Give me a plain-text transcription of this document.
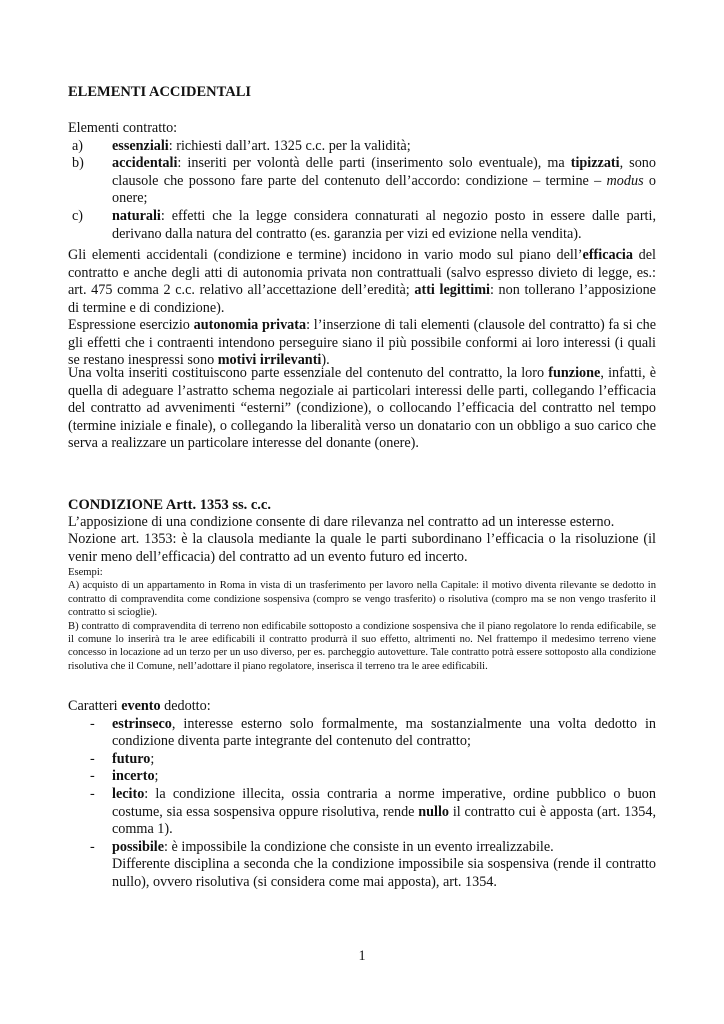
ELEMENTI ACCIDENTALI

Elementi contratto:

a)	essenziali: richiesti dall’art. 1325 c.c. per la validità;
b)	accidentali: inseriti per volontà delle parti (inserimento solo eventuale), ma tipizzati, sono clausole che possono fare parte del contenuto dell’accordo: condizione – termine – modus o onere;
c)	naturali: effetti che la legge considera connaturati al negozio posto in essere dalle parti, derivano dalla natura del contratto (es. garanzia per vizi ed evizione nella vendita).
Gli elementi accidentali (condizione e termine) incidono in vario modo sul piano dell’efficacia del contratto e anche degli atti di autonomia privata non contrattuali (salvo espresso divieto di legge, es.: art. 475 comma 2 c.c. relativo all’accettazione dell’eredità; atti legittimi: non tollerano l’apposizione di termine e di condizione).
Espressione esercizio autonomia privata: l’inserzione di tali elementi (clausole del contratto) fa si che gli effetti che i contraenti intendono perseguire siano il più possibile conformi ai loro interessi (i quali se restano inespressi sono motivi irrilevanti).
Una volta inseriti costituiscono parte essenziale del contenuto del contratto, la loro funzione, infatti, è quella di adeguare l’astratto schema negoziale ai particolari interessi delle parti, collegando l’efficacia del contratto ad avvenimenti “esterni” (condizione), o collocando l’efficacia del contratto nel tempo (termine iniziale e finale), o collegando la liberalità verso un donatario con un obbligo a suo carico che serva a realizzare un particolare interesse del donante (onere).
CONDIZIONE Artt. 1353 ss. c.c.
L’apposizione di una condizione consente di dare rilevanza nel contratto ad un interesse esterno.
Nozione art. 1353: è la clausola mediante la quale le parti subordinano l’efficacia o la risoluzione (il venir meno dell’efficacia) del contratto ad un evento futuro ed incerto.
Esempi:
A) acquisto di un appartamento in Roma in vista di un trasferimento per lavoro nella Capitale: il motivo diventa rilevante se dedotto in contratto di compravendita come condizione sospensiva (compro se vengo trasferito) o risolutiva (compro ma se non vengo trasferito il contratto si scioglie).
B) contratto di compravendita di terreno non edificabile sottoposto a condizione sospensiva che il piano regolatore lo renda edificabile, se il comune lo inserirà tra le aree edificabili il contratto produrrà il suo effetto, altrimenti no. Nel frattempo il medesimo terreno viene concesso in locazione ad un terzo per un uso diverso, per es. parcheggio autovetture. Tale contratto potrà essere sottoposto alla condizione risolutiva che il Comune, nell’adottare il piano regolatore, inserisca il terreno tra le aree edificabili.

Caratteri evento dedotto:

-	estrinseco, interesse esterno solo formalmente, ma sostanzialmente una volta dedotto in condizione diventa parte integrante del contenuto del contratto;
-	futuro;
-	incerto;
-	lecito: la condizione illecita, ossia contraria a norme imperative, ordine pubblico o buon costume, sia essa sospensiva oppure risolutiva, rende nullo il contratto cui è apposta (art. 1354, comma 1).
-	possibile: è impossibile la condizione che consiste in un evento irrealizzabile.
Differente disciplina a seconda che la condizione impossibile sia sospensiva (rende il contratto nullo), ovvero risolutiva (si considera come mai apposta), art. 1354.
1
